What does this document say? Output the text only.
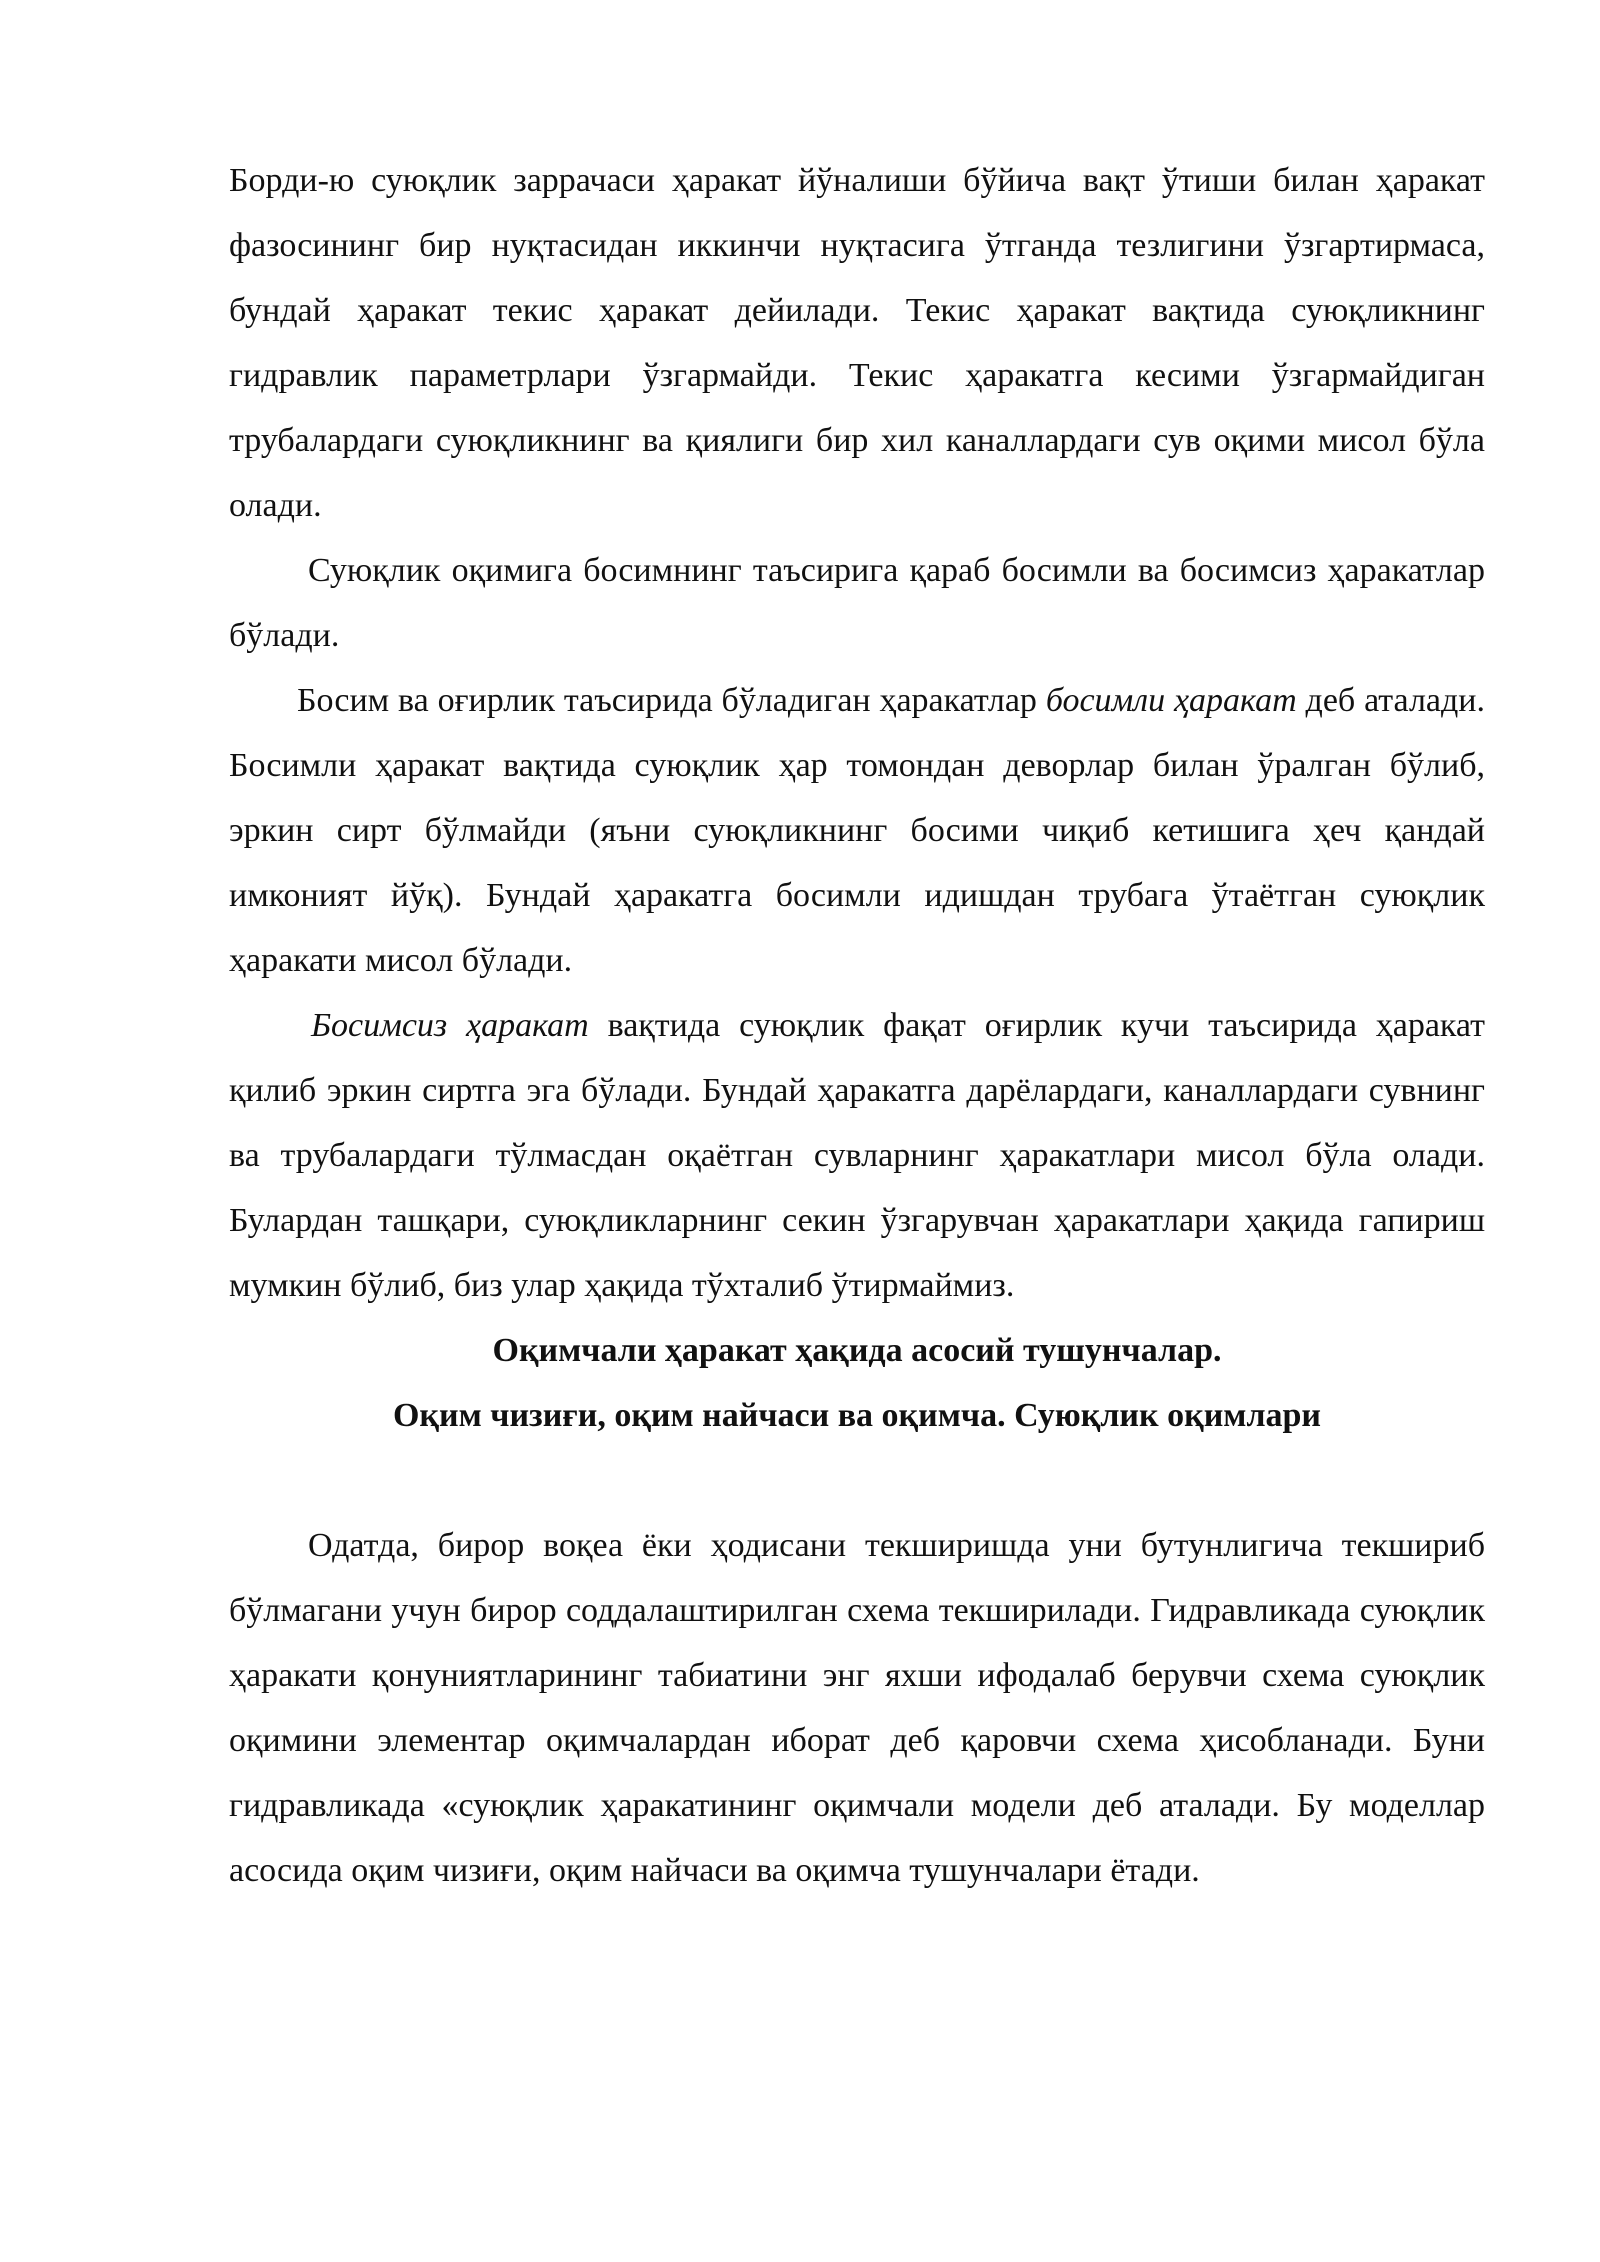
Борди-ю суюқлик заррачаси ҳаракат йўналиши бўйича вақт ўтиши билан ҳаракат фазосининг бир нуқтасидан иккинчи нуқтасига ўтганда тезлигини ўзгартирмаса, бундай ҳаракат текис ҳаракат дейилади. Текис ҳаракат вақтида суюқликнинг гидравлик параметрлари ўзгармайди. Текис ҳаракатга кесими ўзгармайдиган трубалардаги суюқликнинг ва қиялиги бир хил каналлардаги сув оқими мисол бўла олади.

Суюқлик оқимига босимнинг таъсирига қараб босимли ва босимсиз ҳаракатлар бўлади.

Босим ва оғирлик таъсирида бўладиган ҳаракатлар босимли ҳаракат деб аталади. Босимли ҳаракат вақтида суюқлик ҳар томондан деворлар билан ўралган бўлиб, эркин сирт бўлмайди (яъни суюқликнинг босими чиқиб кетишига ҳеч қандай имконият йўқ). Бундай ҳаракатга босимли идишдан трубага ўтаётган суюқлик ҳаракати мисол бўлади.

Босимсиз ҳаракат вақтида суюқлик фақат оғирлик кучи таъсирида ҳаракат қилиб эркин сиртга эга бўлади. Бундай ҳаракатга дарёлардаги, каналлардаги сувнинг ва трубалардаги тўлмасдан оқаётган сувларнинг ҳаракатлари мисол бўла олади. Булардан ташқари, суюқликларнинг секин ўзгарувчан ҳаракатлари ҳақида гапириш мумкин бўлиб, биз улар ҳақида тўхталиб ўтирмаймиз.

Оқимчали ҳаракат ҳақида асосий тушунчалар.
Оқим чизиғи, оқим найчаси ва оқимча. Суюқлик оқимлари

Одатда, бирор воқеа ёки ҳодисани текширишда уни бутунлигича текшириб бўлмагани учун бирор соддалаштирилган схема текширилади. Гидравликада суюқлик ҳаракати қонуниятларининг табиатини энг яхши ифодалаб берувчи схема суюқлик оқимини элементар оқимчалардан иборат деб қаровчи схема ҳисобланади. Буни гидравликада «суюқлик ҳаракатининг оқимчали модели деб аталади. Бу моделлар асосида оқим чизиғи, оқим найчаси ва оқимча тушунчалари ётади.
